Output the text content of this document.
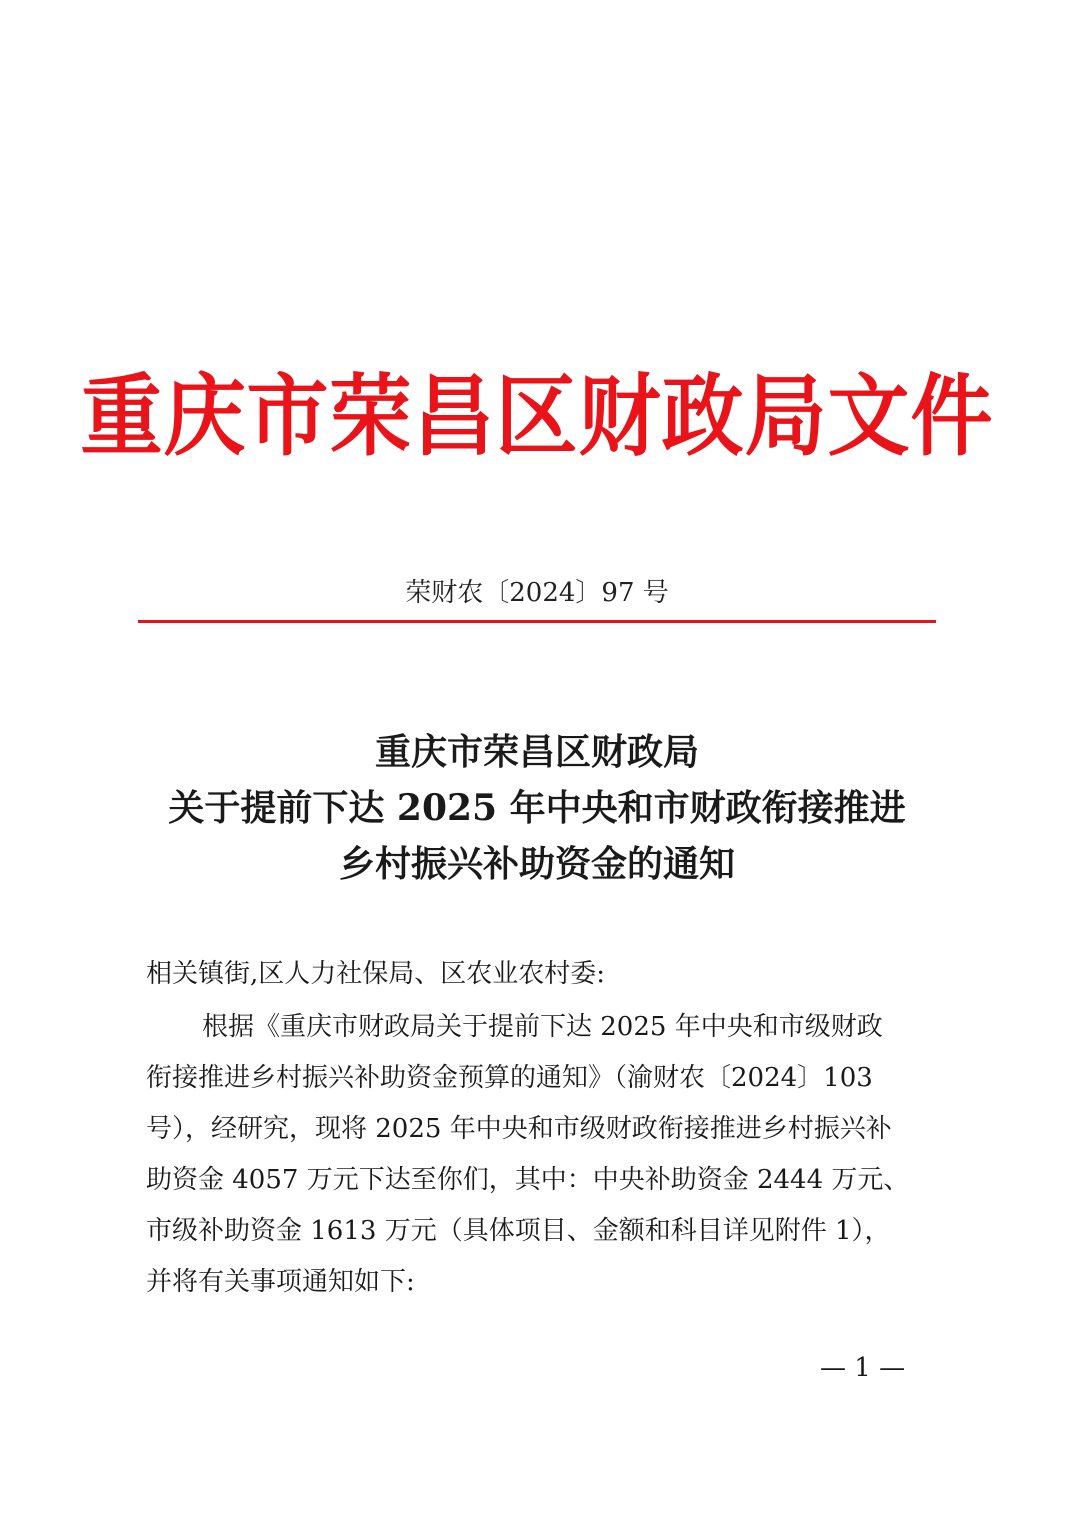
重庆市荣昌区财政局文件
荣财农〔2024〕97 号
重庆市荣昌区财政局
关于提前下达 2025 年中央和市财政衔接推进
乡村振兴补助资金的通知
相关镇街,区人力社保局、区农业农村委:
根据《重庆市财政局关于提前下达 2025 年中央和市级财政
衔接推进乡村振兴补助资金预算的通知》（渝财农〔2024〕103
号），经研究，现将 2025 年中央和市级财政衔接推进乡村振兴补
助资金 4057 万元下达至你们，其中：中央补助资金 2444 万元、
市级补助资金 1613 万元（具体项目、金额和科目详见附件 1），
并将有关事项通知如下:
— 1 —
